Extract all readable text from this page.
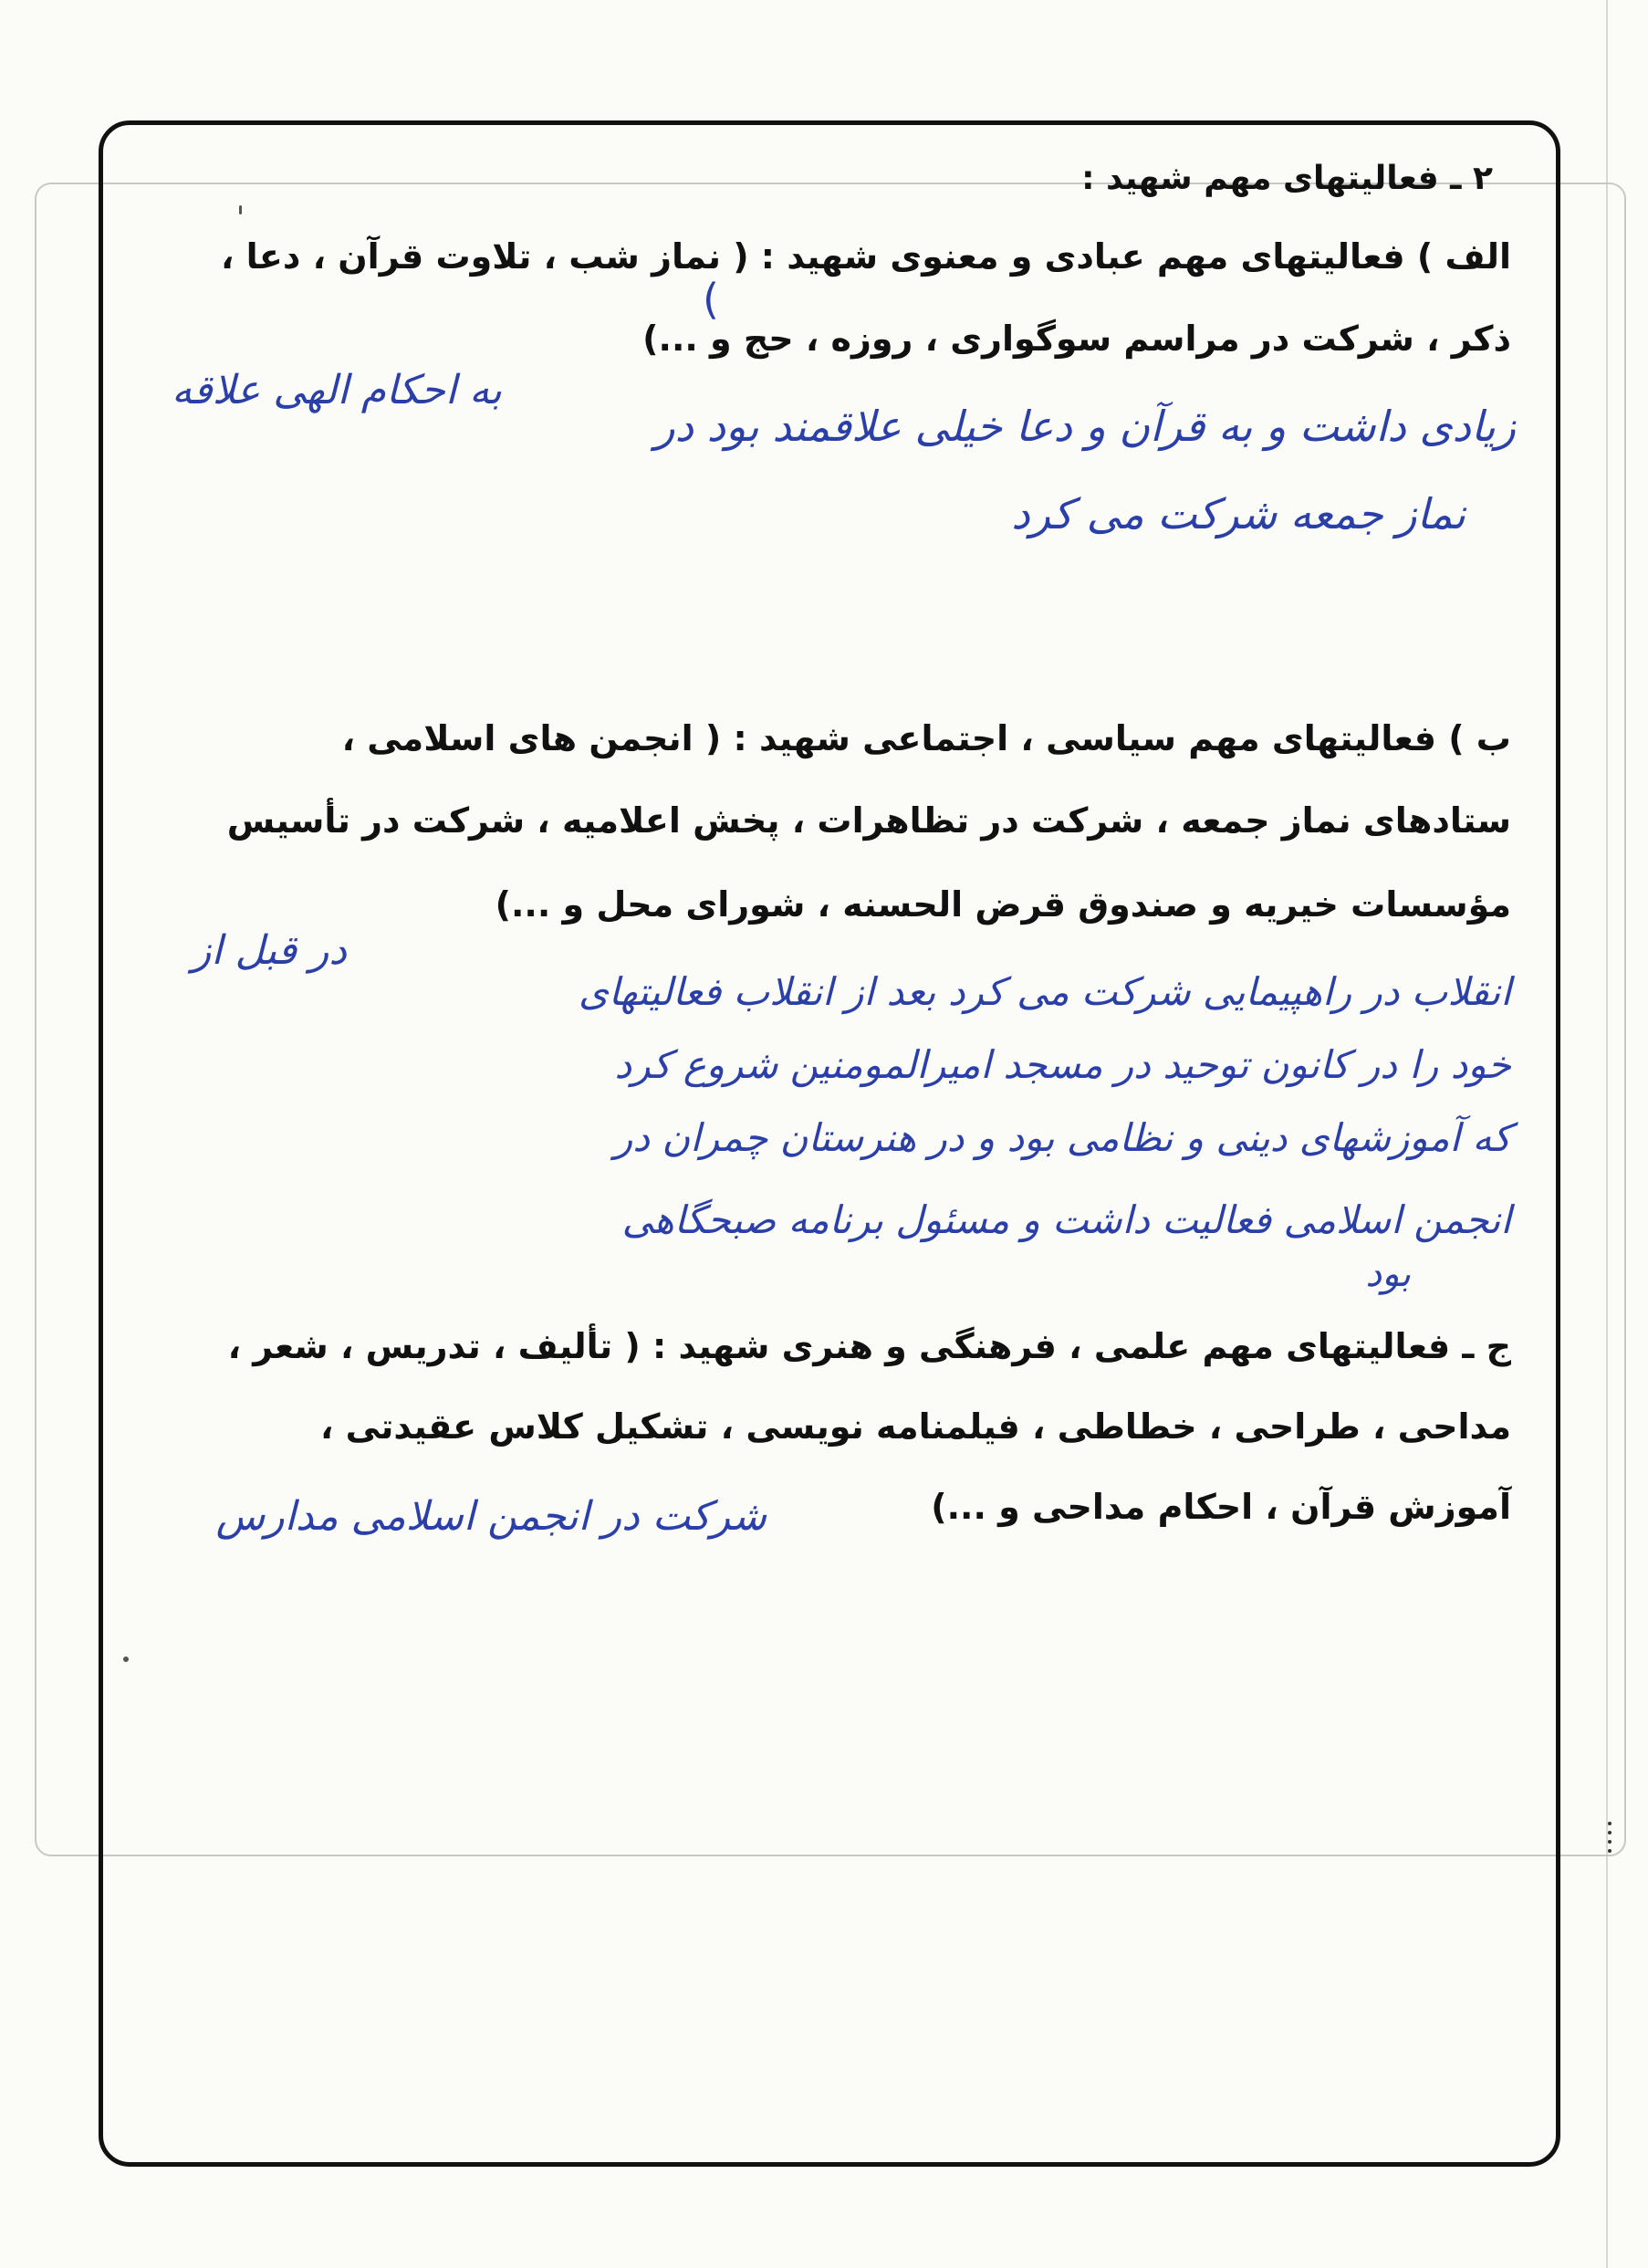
۲ ـ فعالیتهای مهم شهید :
الف ) فعالیتهای مهم عبادی و معنوی شهید : ( نماز شب ، تلاوت قرآن ، دعا ،
ذکر ، شرکت در مراسم سوگواری ، روزه ، حج و ...)
به احکام الهی علاقه
زیادی داشت و به قرآن و دعا خیلی علاقمند بود در
نماز جمعه شرکت می کرد
ب ) فعالیتهای مهم سیاسی ، اجتماعی شهید : ( انجمن های اسلامی ،
ستادهای نماز جمعه ، شرکت در تظاهرات ، پخش اعلامیه ، شرکت در تأسیس
مؤسسات خیریه و صندوق قرض الحسنه ، شورای محل و ...)
در قبل از
انقلاب در راهپیمایی شرکت می کرد بعد از انقلاب فعالیتهای
خود را در کانون توحید در مسجد امیرالمومنین شروع کرد
که آموزشهای دینی و نظامی بود و در هنرستان چمران در
انجمن اسلامی فعالیت داشت و مسئول برنامه صبحگاهی
بود
ج ـ فعالیتهای مهم علمی ، فرهنگی و هنری شهید : ( تألیف ، تدریس ، شعر ،
مداحی ، طراحی ، خطاطی ، فیلمنامه نویسی ، تشکیل کلاس عقیدتی ،
آموزش قرآن ، احکام مداحی و ...)
شرکت در انجمن اسلامی مدارس
(
